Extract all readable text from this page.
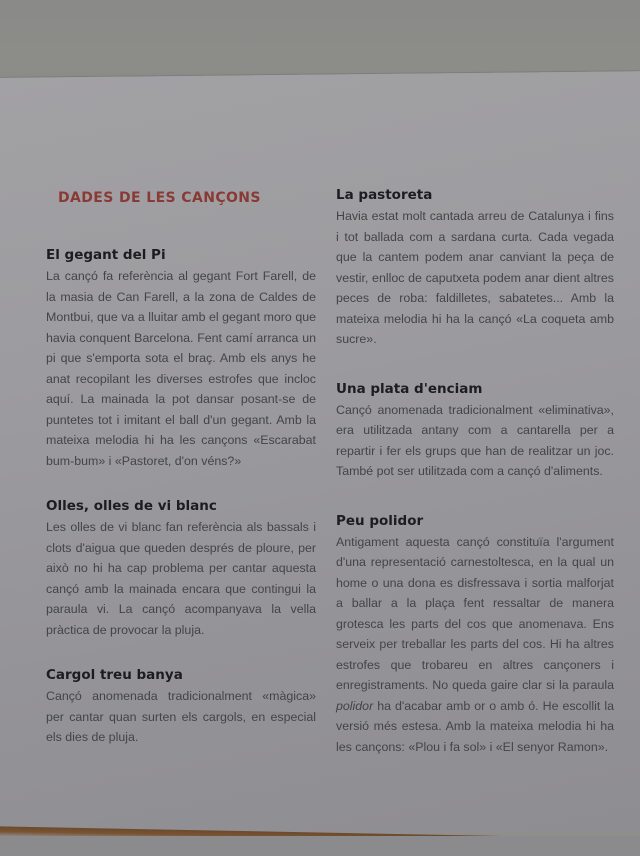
DADES DE LES CANÇONS
El gegant del Pi

La cançó fa referència al gegant Fort Farell, de la masia de Can Farell, a la zona de Caldes de Montbui, que va a lluitar amb el gegant moro que havia conquent Barcelona. Fent camí arranca un pi que s'emporta sota el braç. Amb els anys he anat recopilant les diverses estrofes que incloc aquí. La mainada la pot dansar posant-se de puntetes tot i imitant el ball d'un gegant. Amb la mateixa melodia hi ha les cançons «Escarabat bum-bum» i «Pastoret, d'on véns?»

Olles, olles de vi blanc

Les olles de vi blanc fan referència als bassals i clots d'aigua que queden després de ploure, per això no hi ha cap problema per cantar aquesta cançó amb la mainada encara que contingui la paraula vi. La cançó acompanyava la vella pràctica de provocar la pluja.

Cargol treu banya

Cançó anomenada tradicionalment «màgica» per cantar quan surten els cargols, en especial els dies de pluja.

La pastoreta

Havia estat molt cantada arreu de Catalunya i fins i tot ballada com a sardana curta. Cada vegada que la cantem podem anar canviant la peça de vestir, enlloc de caputxeta podem anar dient altres peces de roba: faldilletes, sabatetes... Amb la mateixa melodia hi ha la cançó «La coqueta amb sucre».

Una plata d'enciam

Cançó anomenada tradicionalment «eliminativa», era utilitzada antany com a cantarella per a repartir i fer els grups que han de realitzar un joc. També pot ser utilitzada com a cançó d'aliments.

Peu polidor

Antigament aquesta cançó constituïa l'argument d'una representació carnestoltesca, en la qual un home o una dona es disfressava i sortia malforjat a ballar a la plaça fent ressaltar de manera grotesca les parts del cos que anomenava. Ens serveix per treballar les parts del cos. Hi ha altres estrofes que trobareu en altres cançoners i enregistraments. No queda gaire clar si la paraula polidor ha d'acabar amb or o amb ó. He escollit la versió més estesa. Amb la mateixa melodia hi ha les cançons: «Plou i fa sol» i «El senyor Ramon».
